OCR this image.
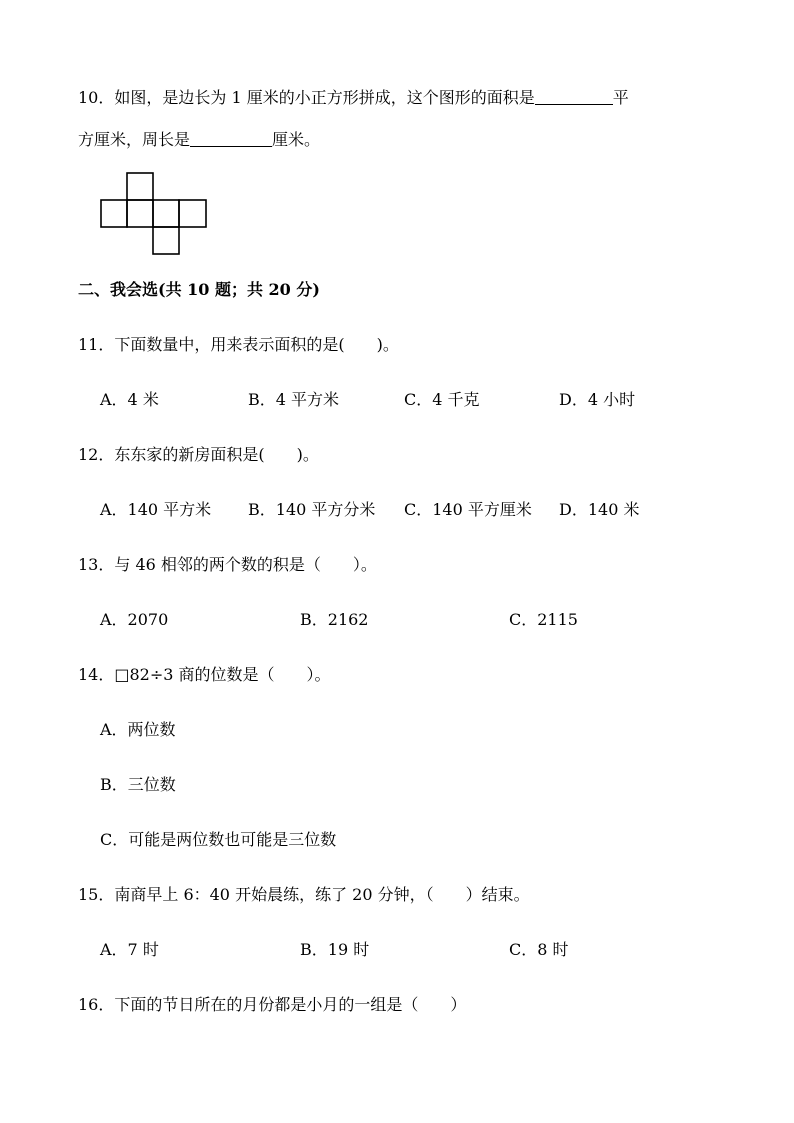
10．如图，是边长为 1 厘米的小正方形拼成，这个图形的面积是	平
方厘米，周长是	厘米。
二、我会选(共 10 题；共 20 分)
11．下面数量中，用来表示面积的是(　　)。
A．4 米	B．4 平方米	C．4 千克	D．4 小时
12．东东家的新房面积是(　　)。
A．140 平方米 B．140 平方分米 C．140 平方厘米 D．140 米
13．与 46 相邻的两个数的积是（　　）。
A．2070	B．2162	C．2115
14．□82÷3 商的位数是（　　）。
A．两位数
B．三位数
C．可能是两位数也可能是三位数
15．南商早上 6：40 开始晨练，练了 20 分钟，（　　）结束。
A．7 时	B．19 时	C．8 时
16．下面的节日所在的月份都是小月的一组是（　　）
